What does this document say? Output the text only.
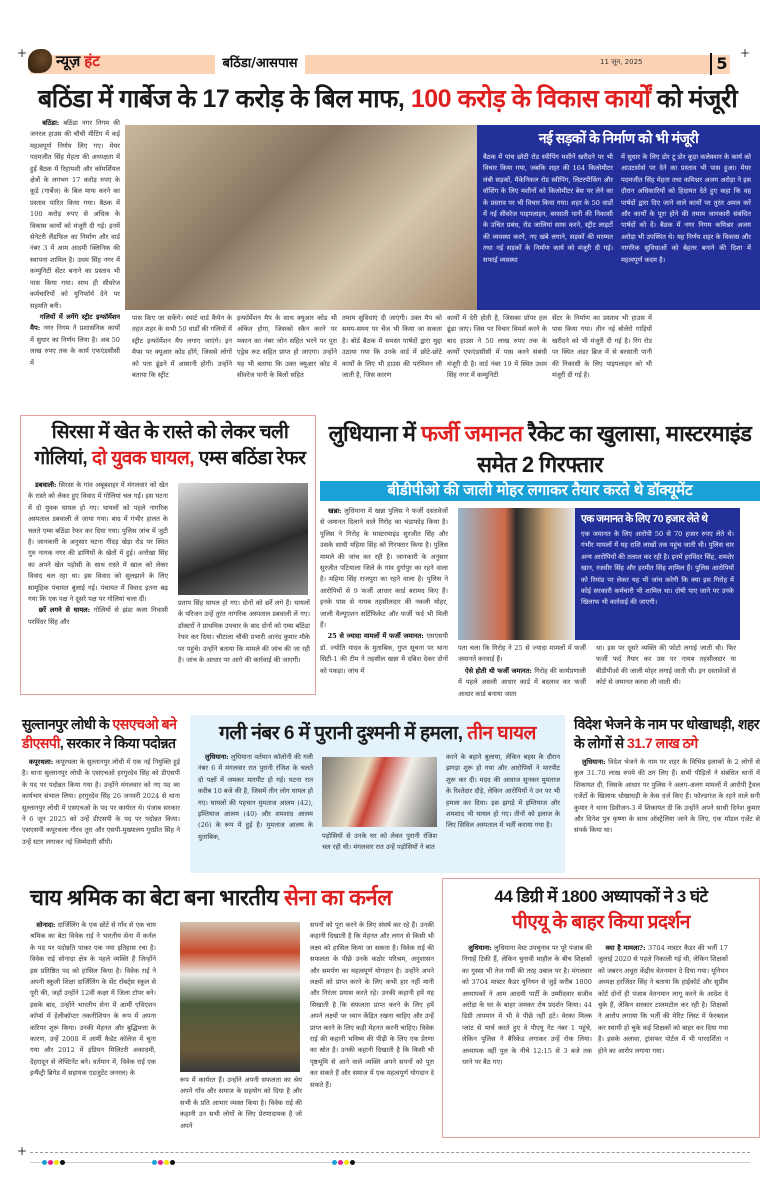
+	+
न्यूज़ हंट	बठिंडा/आसपास	11 जून, 2025	5
बठिंडा में गार्बेज के 17 करोड़ के बिल माफ, 100 करोड़ के विकास कार्यों को मंजूरी
बठिंडा: बठिंडा नगर निगम की जनरल हाउस की चौथी मीटिंग में कई महत्वपूर्ण निर्णय लिए गए। मेयर पदमजीत सिंह मेहता की अध्यक्षता में हुई बैठक में रिहायशी और कॉमर्शियल क्षेत्रों के लगभग 17 करोड़ रुपए के कूड़े (गार्बेज) के बिल माफ करने का प्रस्ताव पारित किया गया। बैठक में 100 करोड़ रुपए से अधिक के विकास कार्यों को मंजूरी दी गई। इनमें सेनेटरी लैंडफिल का निर्माण और वार्ड नंबर 3 में आम आदमी क्लिनिक की स्थापना शामिल है। उधम सिंह नगर में कम्युनिटी सेंटर बनाने का प्रस्ताव भी पास किया गया। साथ ही सीवरेज कर्मचारियों को युनिफॉर्म देने पर सहमति बनी।
गलियों में लगेंगे स्ट्रीट इन्फॉर्मेशन मैप: नगर निगम ने प्रशासनिक कार्यों में सुधार का निर्णय लिया है। अब 50 लाख रुपए तक के कार्य एफएंडसीसी में
नई सड़कों के निर्माण को भी मंजूरी
बैठक में पांच छोटी रोड स्वीपिंग मशीनें खरीदने पर भी विचार किया गया, जबकि शहर की 164 किलोमीटर लंबी सड़कों, मैकेनिकल रोड स्वीपिंग, लिटरपीकिंग और वॉशिंग के लिए मशीनों को किलोमीटर बेस पर लेने का के प्रस्ताव पर भी विचार किया गया। शहर के 50 वार्डों में नई सीवरेज पाइपलाइन, बरसाती पानी की निकासी के उचित प्रबंध, रोड जालियां साफ करने, स्ट्रीट लाइटों की व्यवस्था करने, नए खंबे लगाने, सड़कों की मरम्मत तथा नई सड़कों के निर्माण कार्य को मंजूरी दी गई। सफाई व्यवस्था
में सुधार के लिए डोर टू डोर कूड़ा कलेक्शन के कार्य को आउटसोर्स पर देने का प्रस्ताव भी पास हुआ। मेयर पदमजीत सिंह मेहता तथा कमिश्नर अजय अरोड़ा ने इस दौरान अधिकारियों को हिदायत देते हुए कहा कि वह पार्षदों द्वारा दिए जाने वाले कार्यों पर तुरंत अमल करें और कार्यों के पूरा होने की तमाम जानकारी संबंधित पार्षदों को दें। बैठक में नगर निगम कमिश्नर अजय अरोड़ा भी उपस्थित थे। यह निर्णय शहर के विकास और नागरिक सुविधाओं को बेहतर बनाने की दिशा में महत्वपूर्ण कदम है।
पास किए जा सकेंगे। स्मार्ट वार्ड कैंपेन के तहत शहर के सभी 50 वार्डों की गलियों में स्ट्रीट इन्फॉर्मेशन मैप लगाए जाएंगे। इन मैप्स पर क्यूआर कोड होंगे, जिससे लोगों को पता ढूंढने में आसानी होगी। उन्होंने बताया कि स्ट्रीट
इन्फॉर्मेशन मैप के साथ क्यूआर कोड भी अंकित होगा, जिसको स्कैन करने पर मकान का नंबर जोन सहित भरने पर पूरा एड्रेस रूट सहित प्राप्त हो जाएगा। उन्होंने यह भी बताया कि उक्त क्यूआर कोड में सीवरेज पानी के बिलों सहित
तमाम सुविधाएं दी जाएंगी। उक्त मैप को समय-समय पर चेंज भी किया जा सकता है। बोर्ड बैठक में समस्त पार्षदों द्वारा मुद्दा उठाया गया कि उनके वार्ड में छोटे-छोटे कार्यों के लिए भी हाउस की परमिशन ली जाती है, जिस कारण
कार्यों में देरी होती है, जिसका प्रॉपर हल ढूंढा जाए। जिस पर विचार विमर्श करने के बाद हाउस ने 50 लाख रुपए तक के कार्यों एफएंडसीसी में पास करने संबंधी मंजूरी दी है। वार्ड नंबर 19 में स्थित उधम सिंह नगर में कम्युनिटी
सेंटर के निर्माण का प्रस्ताव भी हाउस में पास किया गया। तीन नई बोलेरो गाड़ियों खरीदने को भी मंजूरी दी गई है। रिंग रोड पर स्थित अंडर ब्रिज में से बरसाती पानी की निकासी के लिए पाइपलाइन को भी मंजूरी दी गई है।
सिरसा में खेत के रास्ते को लेकर चली गोलियां, दो युवक घायल, एम्स बठिंडा रेफर
डबवाली: सिरसा के गांव अबूबशहर में मंगलवार को खेत के रास्ते को लेकर हुए विवाद में गोलियां चल गईं। इस घटना में दो युवक घायल हो गए। घायलों को पहले नागरिक अस्पताल डबवाली ले जाया गया। बाद में गंभीर हालत के चलते एम्स बठिंडा रेफर कर दिया गया। पुलिस जांच में जुटी है। जानकारी के अनुसार घटना गीदड़ खेड़ा रोड पर स्थित गुरु नानक नगर की ढाणियों के खेतों में हुई। अनोखा सिंह का अपने खेत पड़ोसी के साथ रास्ते में खाल को लेकर विवाद चल रहा था। इस विवाद को सुलझाने के लिए सामूहिक पंचायत बुलाई गई। पंचायत में विवाद इतना बढ़ गया कि एक पक्ष ने दूसरे पक्ष पर गोलियां चला दीं।
छर्रे लगने से घायल: गोलियों से झंडा कला निवासी परविंदर सिंह और
प्रताप सिंह घायल हो गए। दोनों को छर्रे लगे हैं। घायलों के परिजन उन्हें तुरंत नागरिक अस्पताल डबवाली ले गए। डॉक्टरों ने प्राथमिक उपचार के बाद दोनों को एम्स बठिंडा रेफर कर दिया। चौटाला चौकी प्रभारी आनंद कुमार मौके पर पहुंचे। उन्होंने बताया कि मामले की जांच की जा रही है। जांच के आधार पर आगे की कार्रवाई की जाएगी।
लुधियाना में फर्जी जमानत रैकेट का खुलासा, मास्टरमाइंड समेत 2 गिरफ्तार
बीडीपीओ की जाली मोहर लगाकर तैयार करते थे डॉक्यूमेंट
खन्ना: लुधियाना में खन्ना पुलिस ने फर्जी दस्तावेजों से जमानत दिलाने वाले गिरोह का भंडाफोड़ किया है। पुलिस ने गिरोह के मास्टरमाइंड सुरजीत सिंह और उसके साथी महिमा सिंह को गिरफ्तार किया है। पुलिस मामले की जांच कर रही है। जानकारी के अनुसार सुरजीत पटियाला जिले के गांव दुर्गापुर का रहने वाला है। महिमा सिंह राजपुरा का रहने वाला है। पुलिस ने आरोपियों से 9 फर्जी आधार कार्ड बरामद किए हैं। इनके पास से नायब तहसीलदार की नकली मोहर, जाली वैल्यूएशन सर्टिफिकेट और फर्जी फर्द भी मिली हैं।
25 से ज्यादा मामलों में फर्जी जमानत: एसएसपी डॉ. ज्योति यादव के मुताबिक, गुप्त सूचना पर थाना सिटी-1 की टीम ने तहसील खन्ना में दबिश देकर दोनों को पकड़ा। जांच में
एक जमानत के लिए 70 हजार लेते थे
एक जमानत के लिए आरोपी 50 से 70 हजार रुपए लेते थे। गंभीर मामलों में यह राशि लाखों तक पहुंच जाती थी। पुलिस चार अन्य आरोपियों की तलाश कर रही है। इनमें हरविंदर सिंह, शमशेर खान, रजवीर सिंह और हरमीत सिंह शामिल हैं। पुलिस आरोपियों को रिमांड पर लेकर यह भी जांच करेगी कि क्या इस गिरोह में कोई सरकारी कर्मचारी भी शामिल था। दोषी पाए जाने पर उनके खिलाफ भी कार्रवाई की जाएगी।
पता चला कि गिरोह ने 25 से ज्यादा मामलों में फर्जी जमानतें करवाई हैं।
ऐसे होती थी फर्जी जमानत: गिरोह की कार्यप्रणाली में पहले असली आधार कार्ड में बदलाव कर फर्जी आधार कार्ड बनाया जाता
था। इस पर दूसरे व्यक्ति की फोटो लगाई जाती थी। फिर फर्जी फर्द तैयार कर उस पर नायब तहसीलदार या बीडीपीओ की जाली मोहर लगाई जाती थी। इन दस्तावेजों से कोर्ट से जमानत करवा ली जाती थी।
सुल्तानपुर लोधी के एसएचओ बने डीएसपी, सरकार ने किया पदोन्नत
कपूरथला: कपूरथला के सुल्तानपुर लोधी में एक नई नियुक्ति हुई है। थाना सुल्तानपुर लोधी के एसएचओ हरगुरदेव सिंह को डीएसपी के पद पर पदोन्नत किया गया है। उन्होंने मंगलवार को नए पद का कार्यभार संभाल लिया। हरगुरदेव सिंह 26 जनवरी 2024 से थाना सुल्तानपुर लोधी में एसएचओ के पद पर कार्यरत थे। पंजाब सरकार ने 6 जून 2025 को उन्हें डीएसपी के पद पर पदोन्नत किया। एसएसपी कपूरथला गौरव तूरा और एसपी-मुख्यालय गुरप्रीत सिंह ने उन्हें स्टार लगाकर नई जिम्मेदारी सौंपी।
गली नंबर 6 में पुरानी दुश्मनी में हमला, तीन घायल
लुधियाना: लुधियाना वर्तमान कॉलोनी की गली नंबर 6 में मंगलवार रात पुरानी रंजिश के चलते दो पक्षों में जमकर मारपीट हो गई। घटना रात करीब 10 बजे की है, जिसमें तीन लोग घायल हो गए। घायलों की पहचान मुमताज आलम (42), इम्तियाज आलम (40) और शमशाद आलम (26) के रूप में हुई है। मुमताज आलम के मुताबिक,	पड़ोसियों से उनके घर को लेकर पुरानी रंजिश चल रही थी। मंगलवार रात उन्हें पड़ोसियों ने बात
करने के बहाने बुलाया, लेकिन बहस के दौरान झगड़ा शुरू हो गया और आरोपियों ने मारपीट शुरू कर दी। मदद की आवाज सुनकर मुमताज के रिश्तेदार दौड़े, लेकिन आरोपियों ने उन पर भी हमला कर दिया। इस झगड़े में इम्तियाज और शमशाद भी घायल हो गए। तीनों को इलाज के लिए सिविल अस्पताल में भर्ती कराया गया है।
विदेश भेजने के नाम पर धोखाधड़ी, शहर के लोगों से 31.7 लाख ठगे
लुधियाना: विदेश भेजने के नाम पर शहर के विभिन्न इलाकों के 2 लोगों से कुल 31.70 लाख रुपये की ठग लिए हैं। सभी पीड़ितों ने संबंधित थानों में शिकायत दी, जिसके आधार पर पुलिस ने अलग-अलग मामलों में आरोपी ट्रैवल एजेंटों के खिलाफ धोखाधड़ी के केस दर्ज किए हैं। फोल्डगंज के रहने वाले सनी कुमार ने थाना डिवीजन-3 में शिकायत दी कि उन्होंने अपने साथी दिनेश कुमार और दिनेश पुत्र कृष्णा के साथ ऑस्ट्रेलिया जाने के लिए, एक मॉडल एजेंट से संपर्क किया था।
चाय श्रमिक का बेटा बना भारतीय सेना का कर्नल
सोनादा: दार्जिलिंग के एक छोटे से गाँव से एक चाय श्रमिक का बेटा विवेक राई ने भारतीय सेना में कर्नल के पद पर पदोन्नति पाकर एक नया इतिहास रचा है। विवेक राई सोनादा क्षेत्र के पहले व्यक्ति हैं जिन्होंने इस प्रतिष्ठित पद को हासिल किया है। विवेक राई ने अपनी स्कूली शिक्षा दार्जिलिंग के सेंट रॉबर्ट्स स्कूल से पूरी की, जहाँ उन्होंने 12वीं कक्षा में जिला टॉपर बने। इसके बाद, उन्होंने भारतीय सेना में आर्मी एविएशन कॉर्प्स में हेलीकॉप्टर तकनीशियन के रूप में अपना करियर शुरू किया। उनकी मेहनत और बुद्धिमत्ता के कारण, उन्हें 2008 में आर्मी कैडेट कॉलेज में चुना गया और 2012 में इंडियन मिलिटरी अकादमी, देहरादून से लेफ्टिनेंट बने। वर्तमान में, विवेक राई एक इन्फैंट्री ब्रिगेड में सहायक एडजुटेंट जनरल) के
रूप में कार्यरत हैं। उन्होंने अपनी सफलता का श्रेय अपने गाँव और समाज के सहयोग को दिया है और सभी के प्रति आभार व्यक्त किया है। विवेक राई की कहानी उन सभी लोगों के लिए प्रेरणादायक है जो अपने
सपनों को पूरा करने के लिए संघर्ष कर रहे हैं। उनकी कहानी दिखाती है कि मेहनत और लगन से किसी भी लक्ष्य को हासिल किया जा सकता है। विवेक राई की सफलता के पीछे उनके कठोर परिश्रम, अनुशासन और समर्पण का महत्वपूर्ण योगदान है। उन्होंने अपने लक्ष्यों को प्राप्त करने के लिए कभी हार नहीं मानी और निरंतर प्रयास करते रहे। उनकी कहानी हमें यह सिखाती है कि सफलता प्राप्त करने के लिए हमें अपने लक्ष्यों पर ध्यान केंद्रित रखना चाहिए और उन्हें प्राप्त करने के लिए कड़ी मेहनत करनी चाहिए। विवेक राई की कहानी भविष्य की पीढ़ी के लिए एक प्रेरणा का स्रोत है। उनकी कहानी दिखाती है कि किसी भी पृष्ठभूमि से आने वाले व्यक्ति अपने सपनों को पूरा कर सकते हैं और समाज में एक महत्वपूर्ण योगदान दे सकते हैं।
44 डिग्री में 1800 अध्यापकों ने 3 घंटे
पीएयू के बाहर किया प्रदर्शन
लुधियाना: लुधियाना वेस्ट उपचुनाव पर पूरे पंजाब की निगाहें टिकी हैं, लेकिन चुनावी माहौल के बीच शिक्षकों का गुस्सा भी तेज गर्मी की तरह उबाल पर है। मंगलवार को 3704 मास्टर कैडर यूनियन से जुड़े करीब 1800 अध्यापकों ने आम आदमी पार्टी के उम्मीदवार संजीव अरोड़ा के घर के बाहर जमकर रोष प्रदर्शन किया। 44 डिग्री तापमान में भी वे पीछे नहीं हटे। वेरका मिल्क प्लांट से मार्च करते हुए वे पीएयू गेट नंबर 1 पहुंचे, लेकिन पुलिस ने बैरिकेड लगाकर उन्हें रोक लिया। अध्यापक वहीं पुल के नीचे 12:15 से 3 बजे तक धरने पर बैठ गए।
क्या है मामला?: 3704 मास्टर कैडर की भर्ती 17 जुलाई 2020 से पहले निकाली गई थी, लेकिन शिक्षकों को जबरन अधूरा केंद्रीय वेतनमान दे दिया गया। यूनियन अध्यक्ष हरजिंदर सिंह ने बताया कि हाईकोर्ट और सुप्रीम कोर्ट दोनों ही पंजाब वेतनमान लागू करने के आदेश दे चुके हैं, लेकिन सरकार टालमटोल कर रही है। शिक्षकों ने आरोप लगाया कि भर्ती की मेरिट लिस्ट में फेरबदल कर स्थायी हो चुके कई शिक्षकों को बाहर कर दिया गया है। इसके अलावा, ट्रांसफर पोर्टल में भी पारदर्शिता न होने का आरोप लगाया गया।
+
